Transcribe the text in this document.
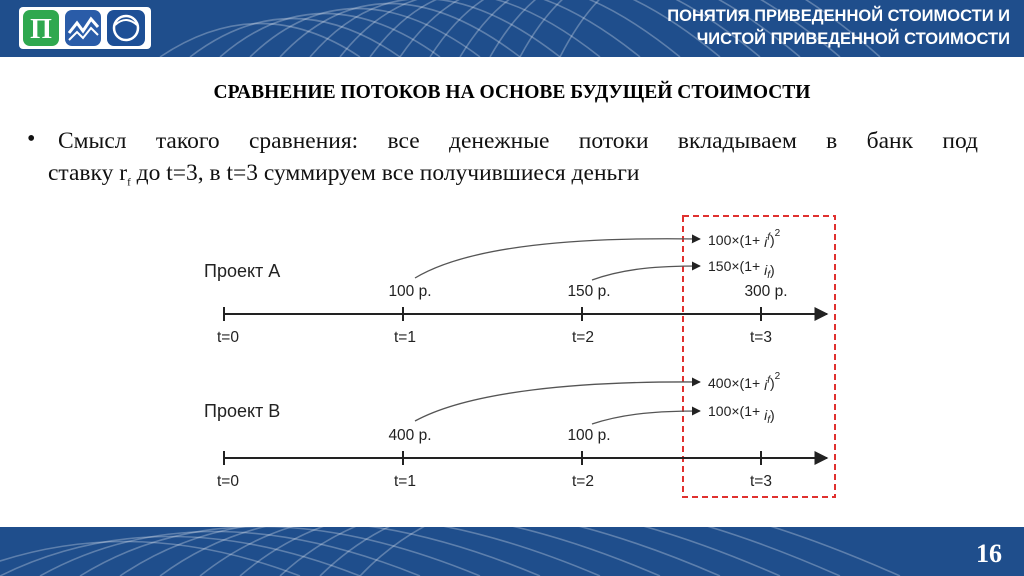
П	ПОНЯТИЯ ПРИВЕДЕННОЙ СТОИМОСТИ И
ЧИСТОЙ ПРИВЕДЕННОЙ СТОИМОСТИ
СРАВНЕНИЕ ПОТОКОВ НА ОСНОВЕ БУДУЩЕЙ СТОИМОСТИ
• Смысл такого сравнения: все денежные потоки вкладываем в банк под
ставку $r_f$ до t=3, в t=3 суммируем все получившиеся деньги
Проект А
100 р.	150 р.	300 р.
t=0	t=1	t=2	t=3
$100\times(1+ i^f)^2$
$150\times(1+ i_f)$
Проект В
400 р.	100 р.
t=0	t=1	t=2	t=3
$400\times(1+ i^f)^2$
$100\times(1+ i_f)$
16
